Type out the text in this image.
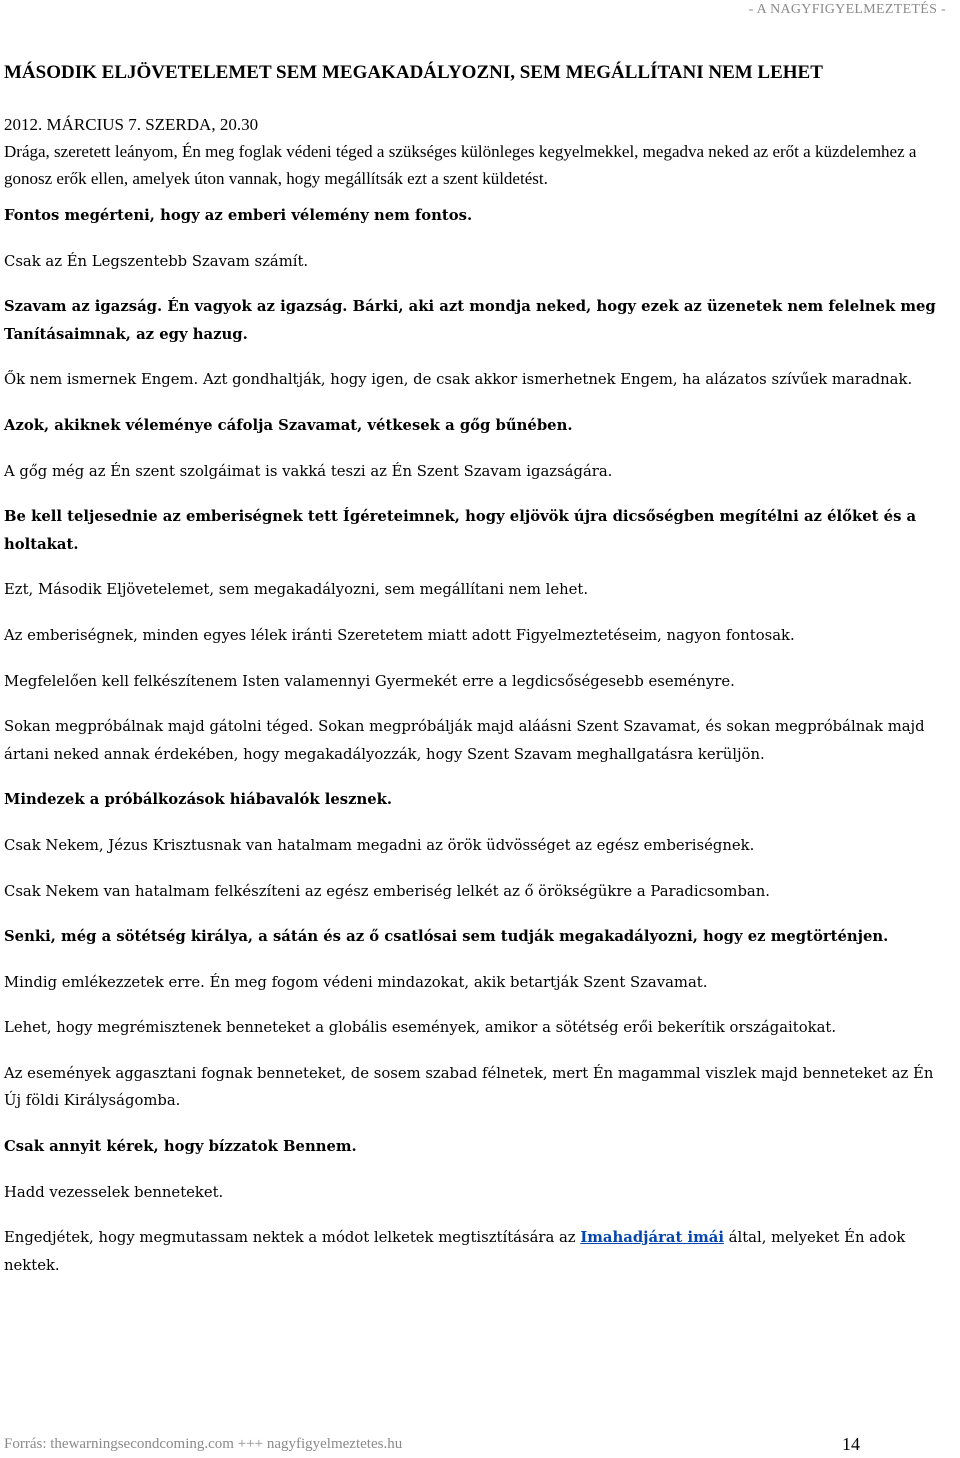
- A NAGYFIGYELMEZTETÉS -
MÁSODIK ELJÖVETELEMET SEM MEGAKADÁLYOZNI, SEM MEGÁLLÍTANI NEM LEHET

2012. MÁRCIUS 7. SZERDA, 20.30

Drága, szeretett leányom, Én meg foglak védeni téged a szükséges különleges kegyelmekkel, megadva neked az erőt a küzdelemhez a gonosz erők ellen, amelyek úton vannak, hogy megállítsák ezt a szent küldetést.

Fontos megérteni, hogy az emberi vélemény nem fontos.

Csak az Én Legszentebb Szavam számít.

Szavam az igazság. Én vagyok az igazság. Bárki, aki azt mondja neked, hogy ezek az üzenetek nem felelnek meg Tanításaimnak, az egy hazug.

Ők nem ismernek Engem. Azt gondhaltják, hogy igen, de csak akkor ismerhetnek Engem, ha alázatos szívűek maradnak.

Azok, akiknek véleménye cáfolja Szavamat, vétkesek a gőg bűnében.

A gőg még az Én szent szolgáimat is vakká teszi az Én Szent Szavam igazságára.

Be kell teljesednie az emberiségnek tett Ígéreteimnek, hogy eljövök újra dicsőségben megítélni az élőket és a holtakat.

Ezt, Második Eljövetelemet, sem megakadályozni, sem megállítani nem lehet.

Az emberiségnek, minden egyes lélek iránti Szeretetem miatt adott Figyelmeztetéseim, nagyon fontosak.

Megfelelően kell felkészítenem Isten valamennyi Gyermekét erre a legdicsőségesebb eseményre.

Sokan megpróbálnak majd gátolni téged. Sokan megpróbálják majd aláásni Szent Szavamat, és sokan megpróbálnak majd ártani neked annak érdekében, hogy megakadályozzák, hogy Szent Szavam meghallgatásra kerüljön.

Mindezek a próbálkozások hiábavalók lesznek.

Csak Nekem, Jézus Krisztusnak van hatalmam megadni az örök üdvösséget az egész emberiségnek.

Csak Nekem van hatalmam felkészíteni az egész emberiség lelkét az ő örökségükre a Paradicsomban.

Senki, még a sötétség királya, a sátán és az ő csatlósai sem tudják megakadályozni, hogy ez megtörténjen.

Mindig emlékezzetek erre. Én meg fogom védeni mindazokat, akik betartják Szent Szavamat.

Lehet, hogy megrémisztenek benneteket a globális események, amikor a sötétség erői bekerítik országaitokat.

Az események aggasztani fognak benneteket, de sosem szabad félnetek, mert Én magammal viszlek majd benneteket az Én Új földi Királyságomba.

Csak annyit kérek, hogy bízzatok Bennem.

Hadd vezesselek benneteket.

Engedjétek, hogy megmutassam nektek a módot lelketek megtisztítására az Imahadjárat imái által, melyeket Én adok nektek.

Forrás: thewarningsecondcoming.com +++ nagyfigyelmeztetes.hu	14
